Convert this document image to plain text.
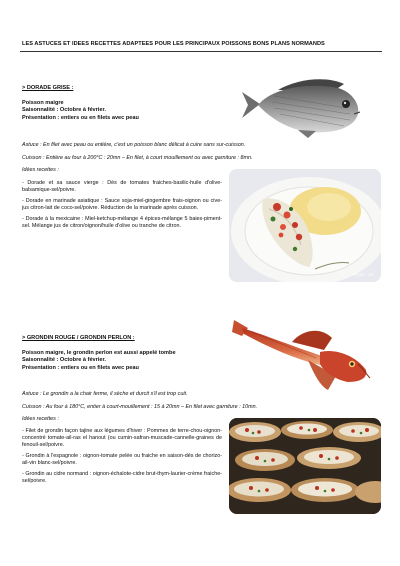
LES ASTUCES ET IDEES RECETTES ADAPTEES POUR LES PRINCIPAUX POISSONS BONS PLANS NORMANDS
> DORADE GRISE :
Poisson maigre
Saisonnalité : Octobre à février.
Présentation : entiers ou en filets avec peau
Astuce : En filet avec peau ou entière, c'est un poisson blanc délicat à cuire sans sur-cuisson.
Cuisson : Entière au four à 200°C : 20mn – En filet, à court mouillement ou avec garniture : 8mn.
Idées recettes :
- Dorade et sa sauce vierge : Dès de tomates fraiches-basilic-huile d'olive-balsamique-sel/poivre.
- Dorade en marinade asiatique : Sauce soja-miel-gingembre frais-oignon ou cive-jus citron-lait de coco-sel/poivre. Réduction de la marinade après cuisson.
- Dorade à la mexicaine : Miel-ketchup-mélange 4 épices-mélange 5 baies-piment-sel. Mélange jus de citron/oignon/huile d'olive ou tranche de citron.
Photo : lul
> GRONDIN ROUGE / GRONDIN PERLON :
Poisson maigre, le grondin perlon est aussi appelé tombe
Saisonnalité : Octobre à février.
Présentation : entiers ou en filets avec peau
Astuce : Le grondin a la chair ferme, il sèche et durcit s'il est trop cuit.
Cuisson : Au four à 180°C, entier à court-mouillement : 15 à 20mn – En filet avec garniture : 10mn.
Idées recettes :
- Filet de grondin façon tajine aux légumes d'hiver : Pommes de terre-chou-oignon-concentré tomate-ail-ras el hanout (ou cumin-safran-muscade-cannelle-graines de fenouil-sel/poivre.
- Grondin à l'espagnole : oignon-tomate pelée ou fraiche en saison-dés de chorizo-ail-vin blanc-sel/poivre.
- Grondin au cidre normand : oignon-échalote-cidre brut-thym-laurier-crème fraiche-sel/poivre.
